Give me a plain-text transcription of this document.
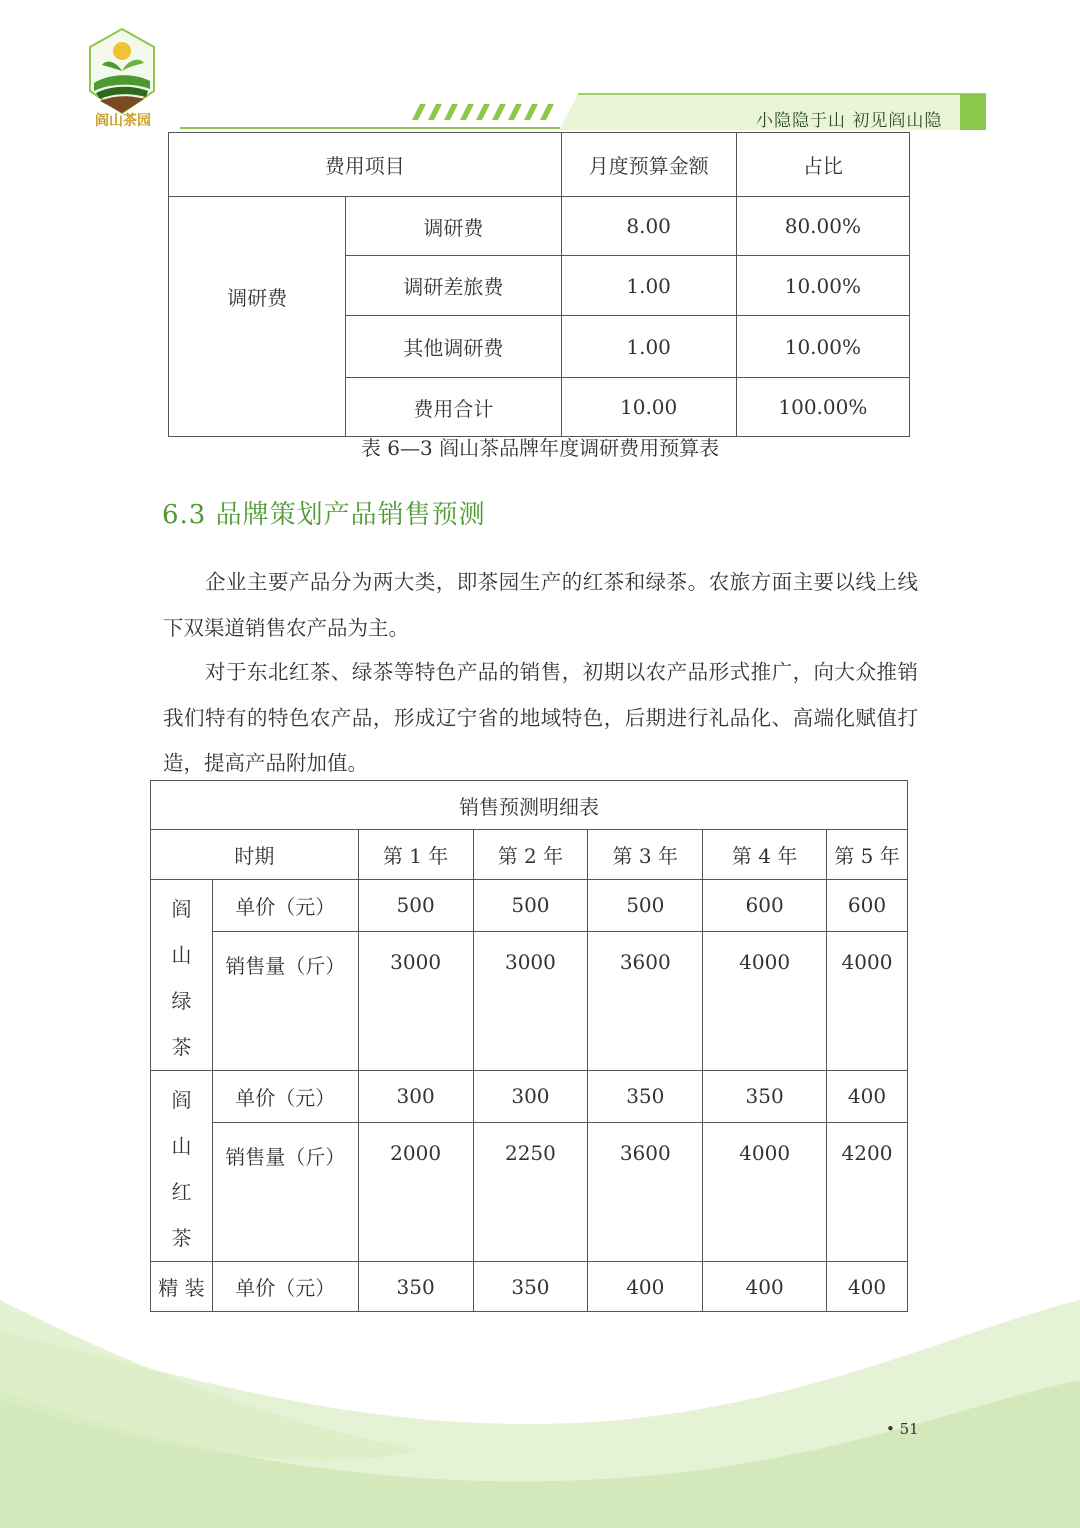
小隐隐于山 初见阎山隐
阎山茶园
费用项目		月度预算金额	占比
调研费	调研费	8.00	80.00%
	调研差旅费	1.00	10.00%
	其他调研费	1.00	10.00%
	费用合计	10.00	100.00%
表 6—3 阎山茶品牌年度调研费用预算表
6.3 品牌策划产品销售预测
企业主要产品分为两大类，即茶园生产的红茶和绿茶。农旅方面主要以线上线下双渠道销售农产品为主。
对于东北红茶、绿茶等特色产品的销售，初期以农产品形式推广，向大众推销我们特有的特色农产品，形成辽宁省的地域特色，后期进行礼品化、高端化赋值打造，提高产品附加值。
销售预测明细表						
时期		第 1 年	第 2 年	第 3 年	第 4 年	第 5 年

阎
山
绿
茶	单价（元）	500	500	500	600	600
	销售量（斤）	3000	3000	3600	4000	4000

阎
山
红
茶	单价（元）	300	300	350	350	400
	销售量（斤）	2000	2250	3600	4000	4200
精 装	单价（元）	350	350	400	400	400
• 51
